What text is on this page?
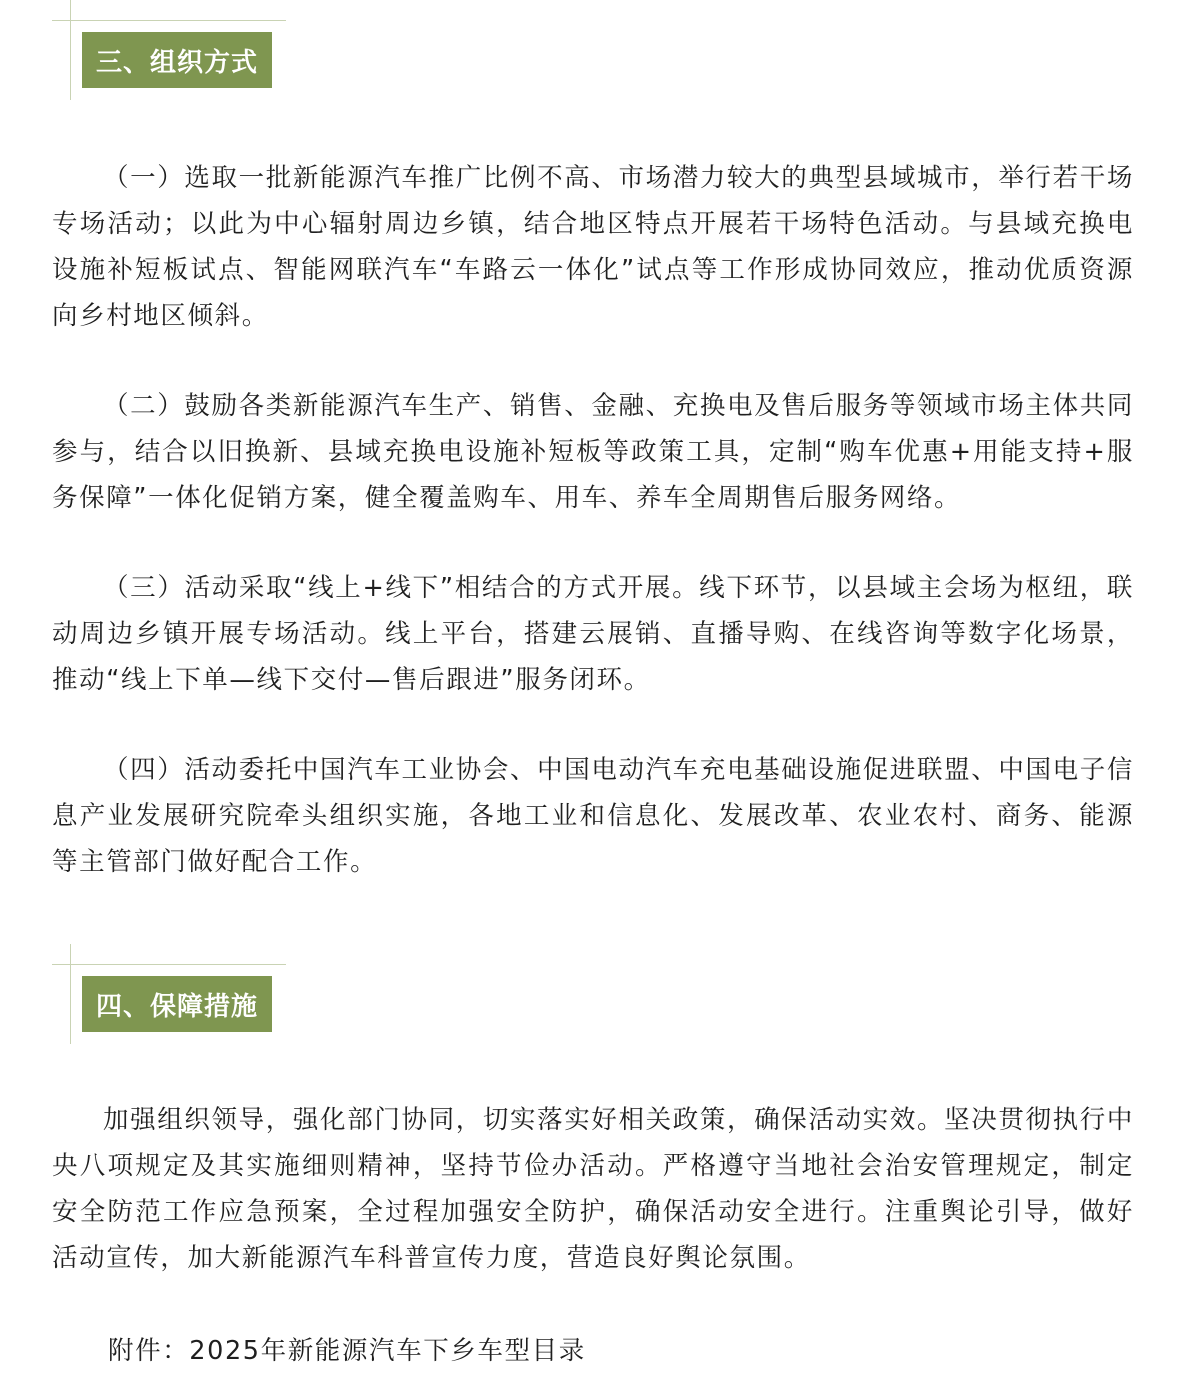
三、组织方式

（一）选取一批新能源汽车推广比例不高、市场潜力较大的典型县域城市，举行若干场专场活动；以此为中心辐射周边乡镇，结合地区特点开展若干场特色活动。与县域充换电设施补短板试点、智能网联汽车“车路云一体化”试点等工作形成协同效应，推动优质资源向乡村地区倾斜。

（二）鼓励各类新能源汽车生产、销售、金融、充换电及售后服务等领域市场主体共同参与，结合以旧换新、县域充换电设施补短板等政策工具，定制“购车优惠+用能支持+服务保障”一体化促销方案，健全覆盖购车、用车、养车全周期售后服务网络。

（三）活动采取“线上+线下”相结合的方式开展。线下环节，以县域主会场为枢纽，联动周边乡镇开展专场活动。线上平台，搭建云展销、直播导购、在线咨询等数字化场景，推动“线上下单—线下交付—售后跟进”服务闭环。

（四）活动委托中国汽车工业协会、中国电动汽车充电基础设施促进联盟、中国电子信息产业发展研究院牵头组织实施，各地工业和信息化、发展改革、农业农村、商务、能源等主管部门做好配合工作。

四、保障措施

加强组织领导，强化部门协同，切实落实好相关政策，确保活动实效。坚决贯彻执行中央八项规定及其实施细则精神，坚持节俭办活动。严格遵守当地社会治安管理规定，制定安全防范工作应急预案，全过程加强安全防护，确保活动安全进行。注重舆论引导，做好活动宣传，加大新能源汽车科普宣传力度，营造良好舆论氛围。

附件：2025年新能源汽车下乡车型目录
